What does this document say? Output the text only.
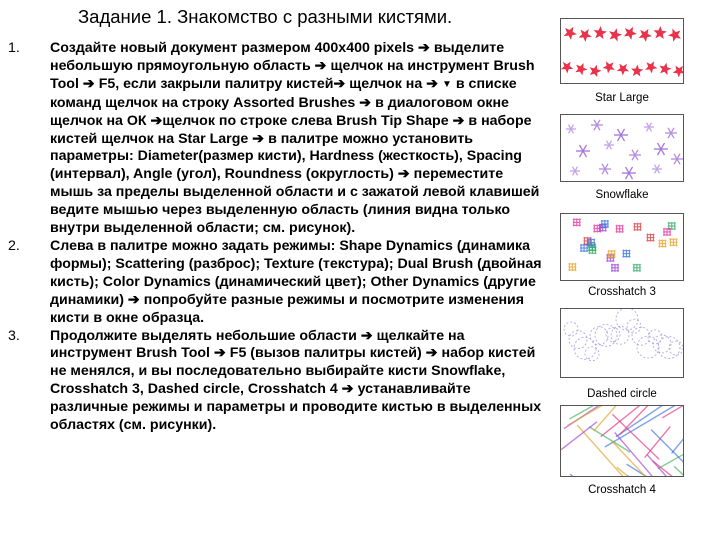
Задание 1. Знакомство с разными кистями.
1. Создайте новый документ размером 400x400 pixels ➔ выделите небольшую прямоугольную область ➔ щелчок на инструмент Brush Tool ➔ F5, если закрыли палитру кистей➔ щелчок на ➔ ▼ в списке команд щелчок на строку Assorted Brushes ➔ в диалоговом окне щелчок на ОК ➔щелчок по строке слева Brush Tip Shape ➔ в наборе кистей щелчок на Star Large ➔ в палитре можно установить параметры: Diameter(размер кисти), Hardness (жесткость), Spacing (интервал), Angle (угол), Roundness (округлость) ➔ переместите мышь за пределы выделенной области и с зажатой левой клавишей ведите мышью через выделенную область (линия видна только внутри выделенной области; см. рисунок).

2. Слева в палитре можно задать режимы: Shape Dynamics (динамика формы); Scattering (разброс); Texture (текстура); Dual Brush (двойная кисть); Color Dynamics (динамический цвет); Other Dynamics (другие динамики) ➔ попробуйте разные режимы и посмотрите изменения кисти в окне образца.

3. Продолжите выделять небольшие области ➔ щелкайте на инструмент Brush Tool ➔ F5 (вызов палитры кистей) ➔ набор кистей не менялся, и вы последовательно выбирайте кисти Snowflake, Crosshatch 3, Dashed circle, Crosshatch 4 ➔ устанавливайте различные режимы и параметры и проводите кистью в выделенных областях (см. рисунки).

Star Large
Snowflake
Crosshatch 3
Dashed circle
Crosshatch 4
